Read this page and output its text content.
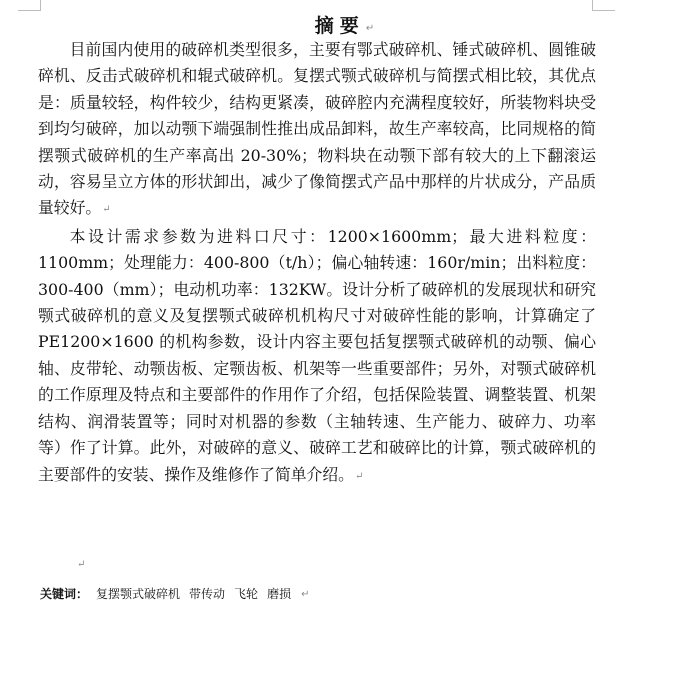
摘要↵

目前国内使用的破碎机类型很多，主要有鄂式破碎机、锤式破碎机、圆锥破碎机、反击式破碎机和辊式破碎机。复摆式颚式破碎机与简摆式相比较，其优点是：质量较轻，构件较少，结构更紧凑，破碎腔内充满程度较好，所装物料块受到均匀破碎，加以动颚下端强制性推出成品卸料，故生产率较高，比同规格的简摆颚式破碎机的生产率高出 20-30%；物料块在动颚下部有较大的上下翻滚运动，容易呈立方体的形状卸出，减少了像简摆式产品中那样的片状成分，产品质量较好。↵

本设计需求参数为进料口尺寸：1200×1600mm；最大进料粒度：1100mm；处理能力：400-800（t/h）；偏心轴转速：160r/min；出料粒度：300-400（mm）；电动机功率：132KW。设计分析了破碎机的发展现状和研究颚式破碎机的意义及复摆颚式破碎机机构尺寸对破碎性能的影响，计算确定了 PE1200×1600 的机构参数，设计内容主要包括复摆颚式破碎机的动颚、偏心轴、皮带轮、动颚齿板、定颚齿板、机架等一些重要部件；另外，对颚式破碎机的工作原理及特点和主要部件的作用作了介绍，包括保险装置、调整装置、机架结构、润滑装置等；同时对机器的参数（主轴转速、生产能力、破碎力、功率等）作了计算。此外，对破碎的意义、破碎工艺和破碎比的计算，颚式破碎机的主要部件的安装、操作及维修作了简单介绍。↵

↵
关键词： 复摆颚式破碎机 带传动 飞轮 磨损 ↵
